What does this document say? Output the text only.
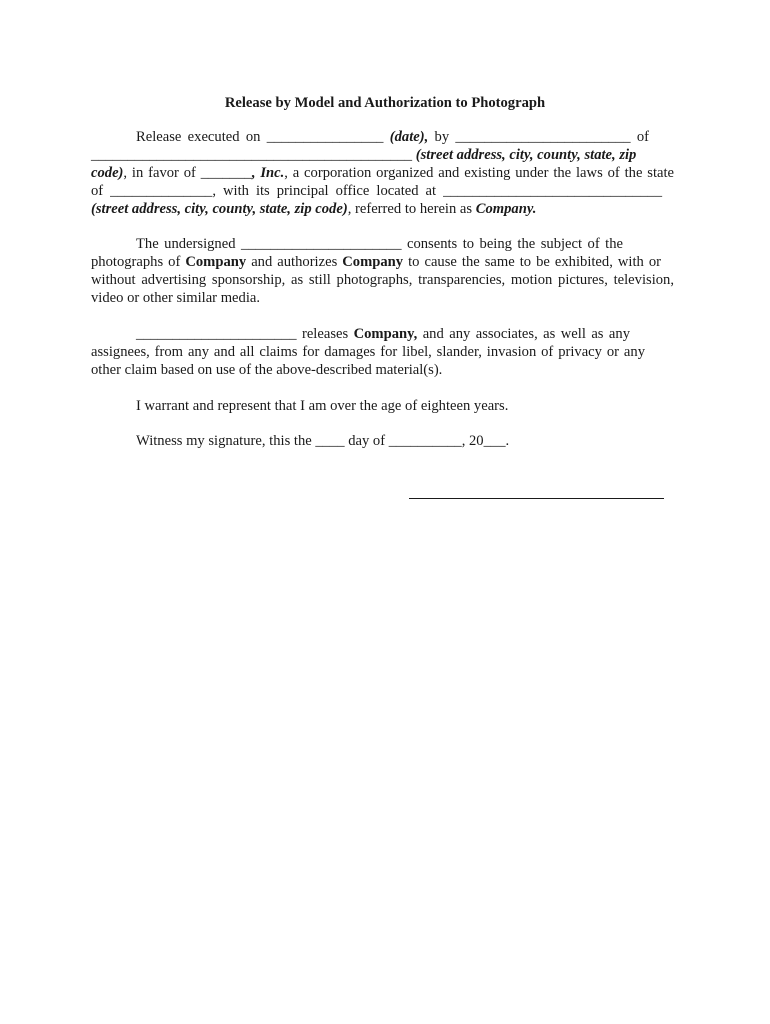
Release by Model and Authorization to Photograph
Release executed on ________________ (date), by ________________________ of
____________________________________________ (street address, city, county, state, zip
code), in favor of _______, Inc., a corporation organized and existing under the laws of the state
of ______________, with its principal office located at ______________________________
(street address, city, county, state, zip code), referred to herein as Company.
The undersigned ______________________ consents to being the subject of the
photographs of Company and authorizes Company to cause the same to be exhibited, with or
without advertising sponsorship, as still photographs, transparencies, motion pictures, television,
video or other similar media.
______________________ releases Company, and any associates, as well as any
assignees, from any and all claims for damages for libel, slander, invasion of privacy or any
other claim based on use of the above-described material(s).
I warrant and represent that I am over the age of eighteen years.
Witness my signature, this the ____ day of __________, 20___.
